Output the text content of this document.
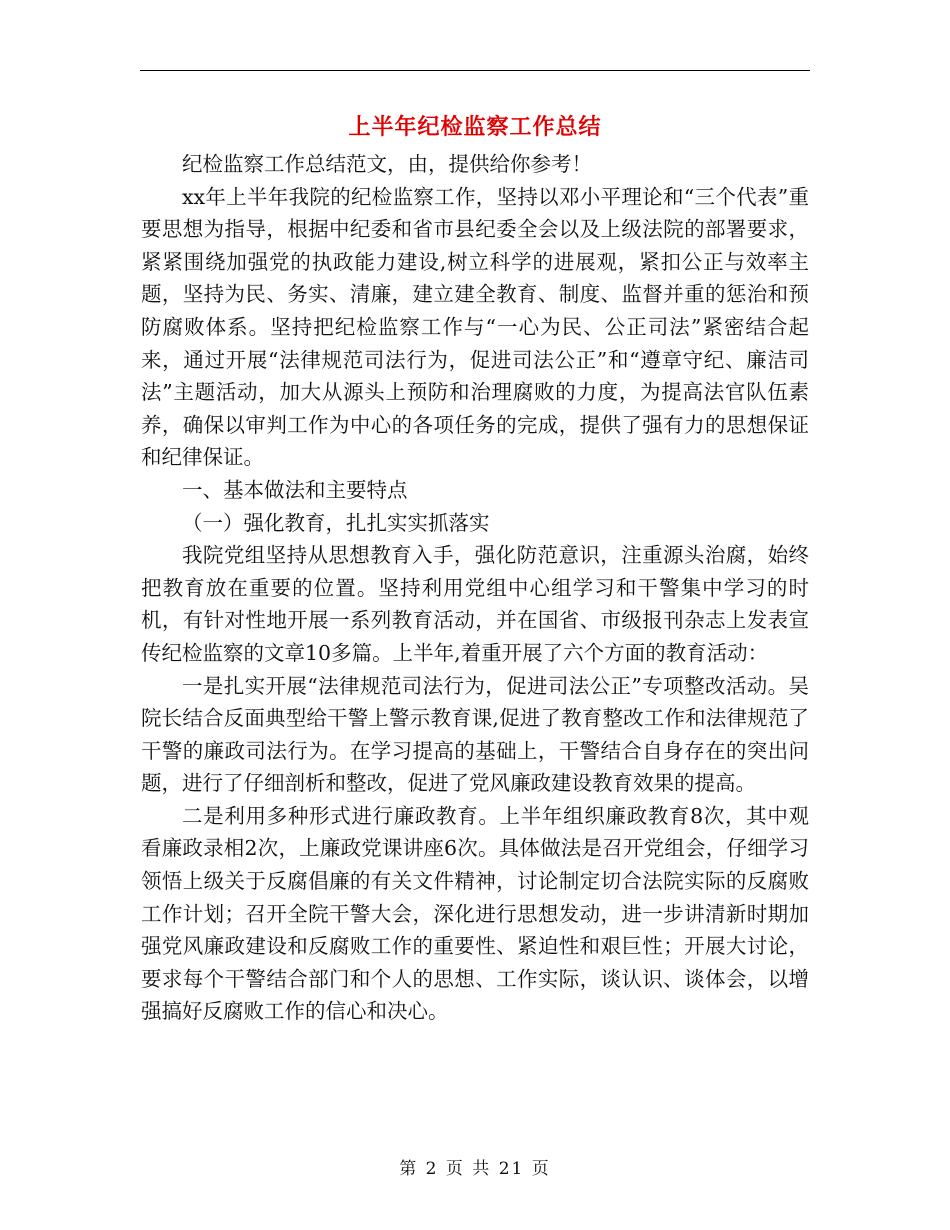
上半年纪检监察工作总结

纪检监察工作总结范文，由，提供给你参考！

xx年上半年我院的纪检监察工作，坚持以邓小平理论和“三个代表”重要思想为指导，根据中纪委和省市县纪委全会以及上级法院的部署要求，紧紧围绕加强党的执政能力建设,树立科学的进展观，紧扣公正与效率主题，坚持为民、务实、清廉，建立建全教育、制度、监督并重的惩治和预防腐败体系。坚持把纪检监察工作与“一心为民、公正司法”紧密结合起来，通过开展“法律规范司法行为，促进司法公正”和“遵章守纪、廉洁司法”主题活动，加大从源头上预防和治理腐败的力度，为提高法官队伍素养，确保以审判工作为中心的各项任务的完成，提供了强有力的思想保证和纪律保证。

一、基本做法和主要特点

（一）强化教育，扎扎实实抓落实

我院党组坚持从思想教育入手，强化防范意识，注重源头治腐，始终把教育放在重要的位置。坚持利用党组中心组学习和干警集中学习的时机，有针对性地开展一系列教育活动，并在国省、市级报刊杂志上发表宣传纪检监察的文章10多篇。上半年,着重开展了六个方面的教育活动：

一是扎实开展“法律规范司法行为，促进司法公正”专项整改活动。吴院长结合反面典型给干警上警示教育课,促进了教育整改工作和法律规范了干警的廉政司法行为。在学习提高的基础上，干警结合自身存在的突出问题，进行了仔细剖析和整改，促进了党风廉政建设教育效果的提高。

二是利用多种形式进行廉政教育。上半年组织廉政教育8次，其中观看廉政录相2次，上廉政党课讲座6次。具体做法是召开党组会，仔细学习领悟上级关于反腐倡廉的有关文件精神，讨论制定切合法院实际的反腐败工作计划；召开全院干警大会，深化进行思想发动，进一步讲清新时期加强党风廉政建设和反腐败工作的重要性、紧迫性和艰巨性；开展大讨论，要求每个干警结合部门和个人的思想、工作实际，谈认识、谈体会，以增强搞好反腐败工作的信心和决心。

第 2 页 共 21 页
